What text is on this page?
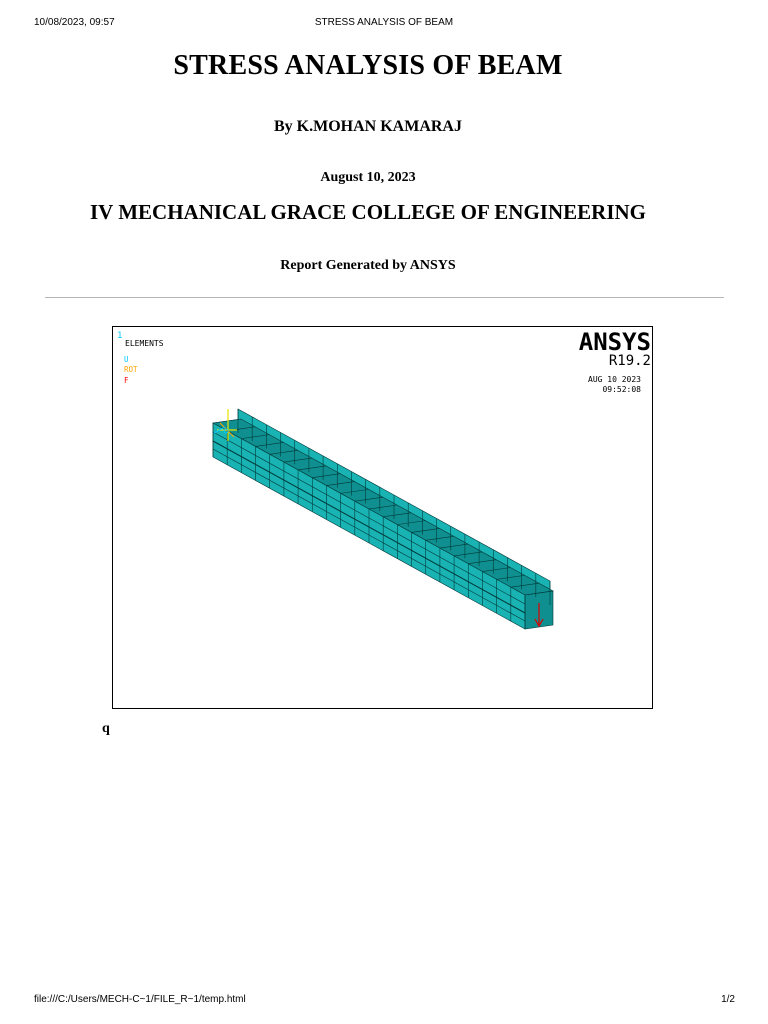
10/08/2023, 09:57	STRESS ANALYSIS OF BEAM
STRESS ANALYSIS OF BEAM
By K.MOHAN KAMARAJ
August 10, 2023
IV MECHANICAL GRACE COLLEGE OF ENGINEERING
Report Generated by ANSYS
1
ELEMENTS
U
ROT
F
ANSYS
R19.2
AUG 10 2023
09:52:08
q
file:///C:/Users/MECH-C~1/FILE_R~1/temp.html	1/2
